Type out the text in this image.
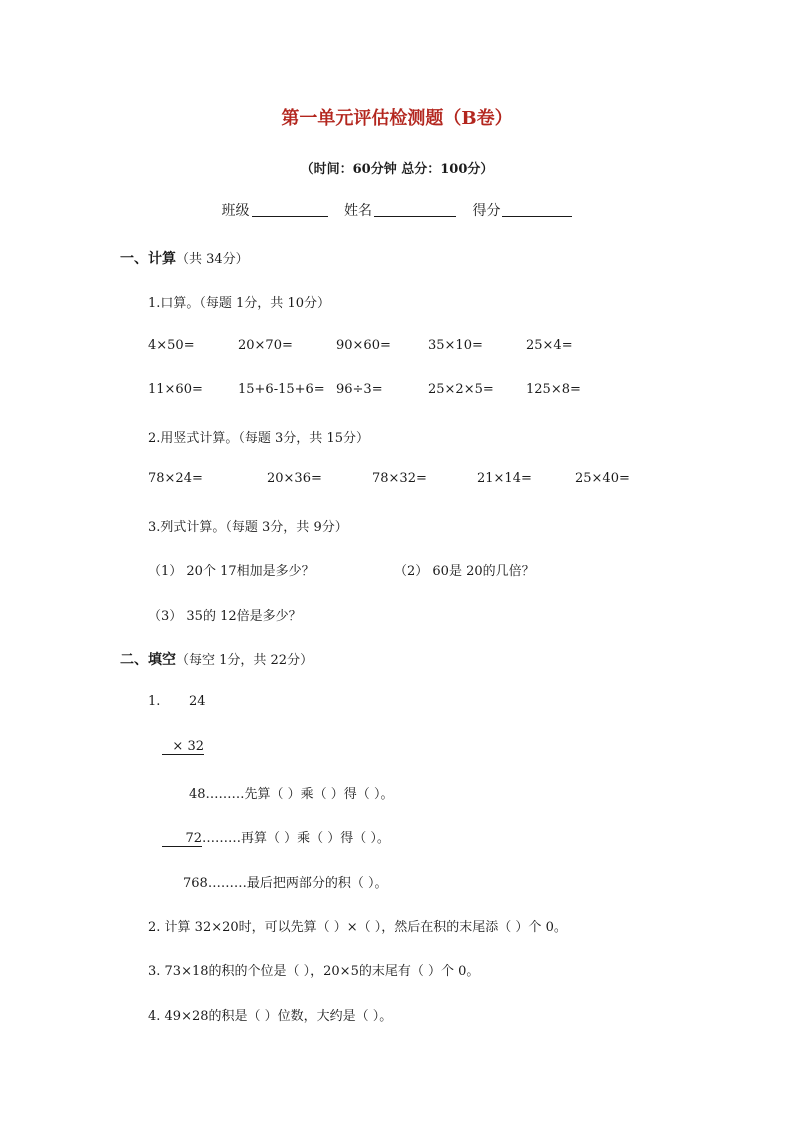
第一单元评估检测题（B卷）
（时间：60分钟 总分：100分）
班级	姓名	得分
一、计算（共 34分）
1.口算。（每题 1分，共 10分）
4×50=	20×70=	90×60=	35×10=	25×4=
11×60=	15+6-15+6= 96÷3=	25×2×5= 125×8=
2.用竖式计算。（每题 3分，共 15分）
78×24=	20×36=	78×32=	21×14=	25×40=
3.列式计算。（每题 3分，共 9分）
（1） 20个 17相加是多少？	（2） 60是 20的几倍？
（3） 35的 12倍是多少？
二、填空（每空 1分，共 22分）
1. 24
× 32
48………先算（ ）乘（ ）得（ ）。
72………再算（ ）乘（ ）得（ ）。
768………最后把两部分的积（ ）。
2. 计算 32×20时，可以先算（ ）×（ ），然后在积的末尾添（ ）个 0。
3. 73×18的积的个位是（ ），20×5的末尾有（ ）个 0。
4. 49×28的积是（ ）位数，大约是（ ）。
